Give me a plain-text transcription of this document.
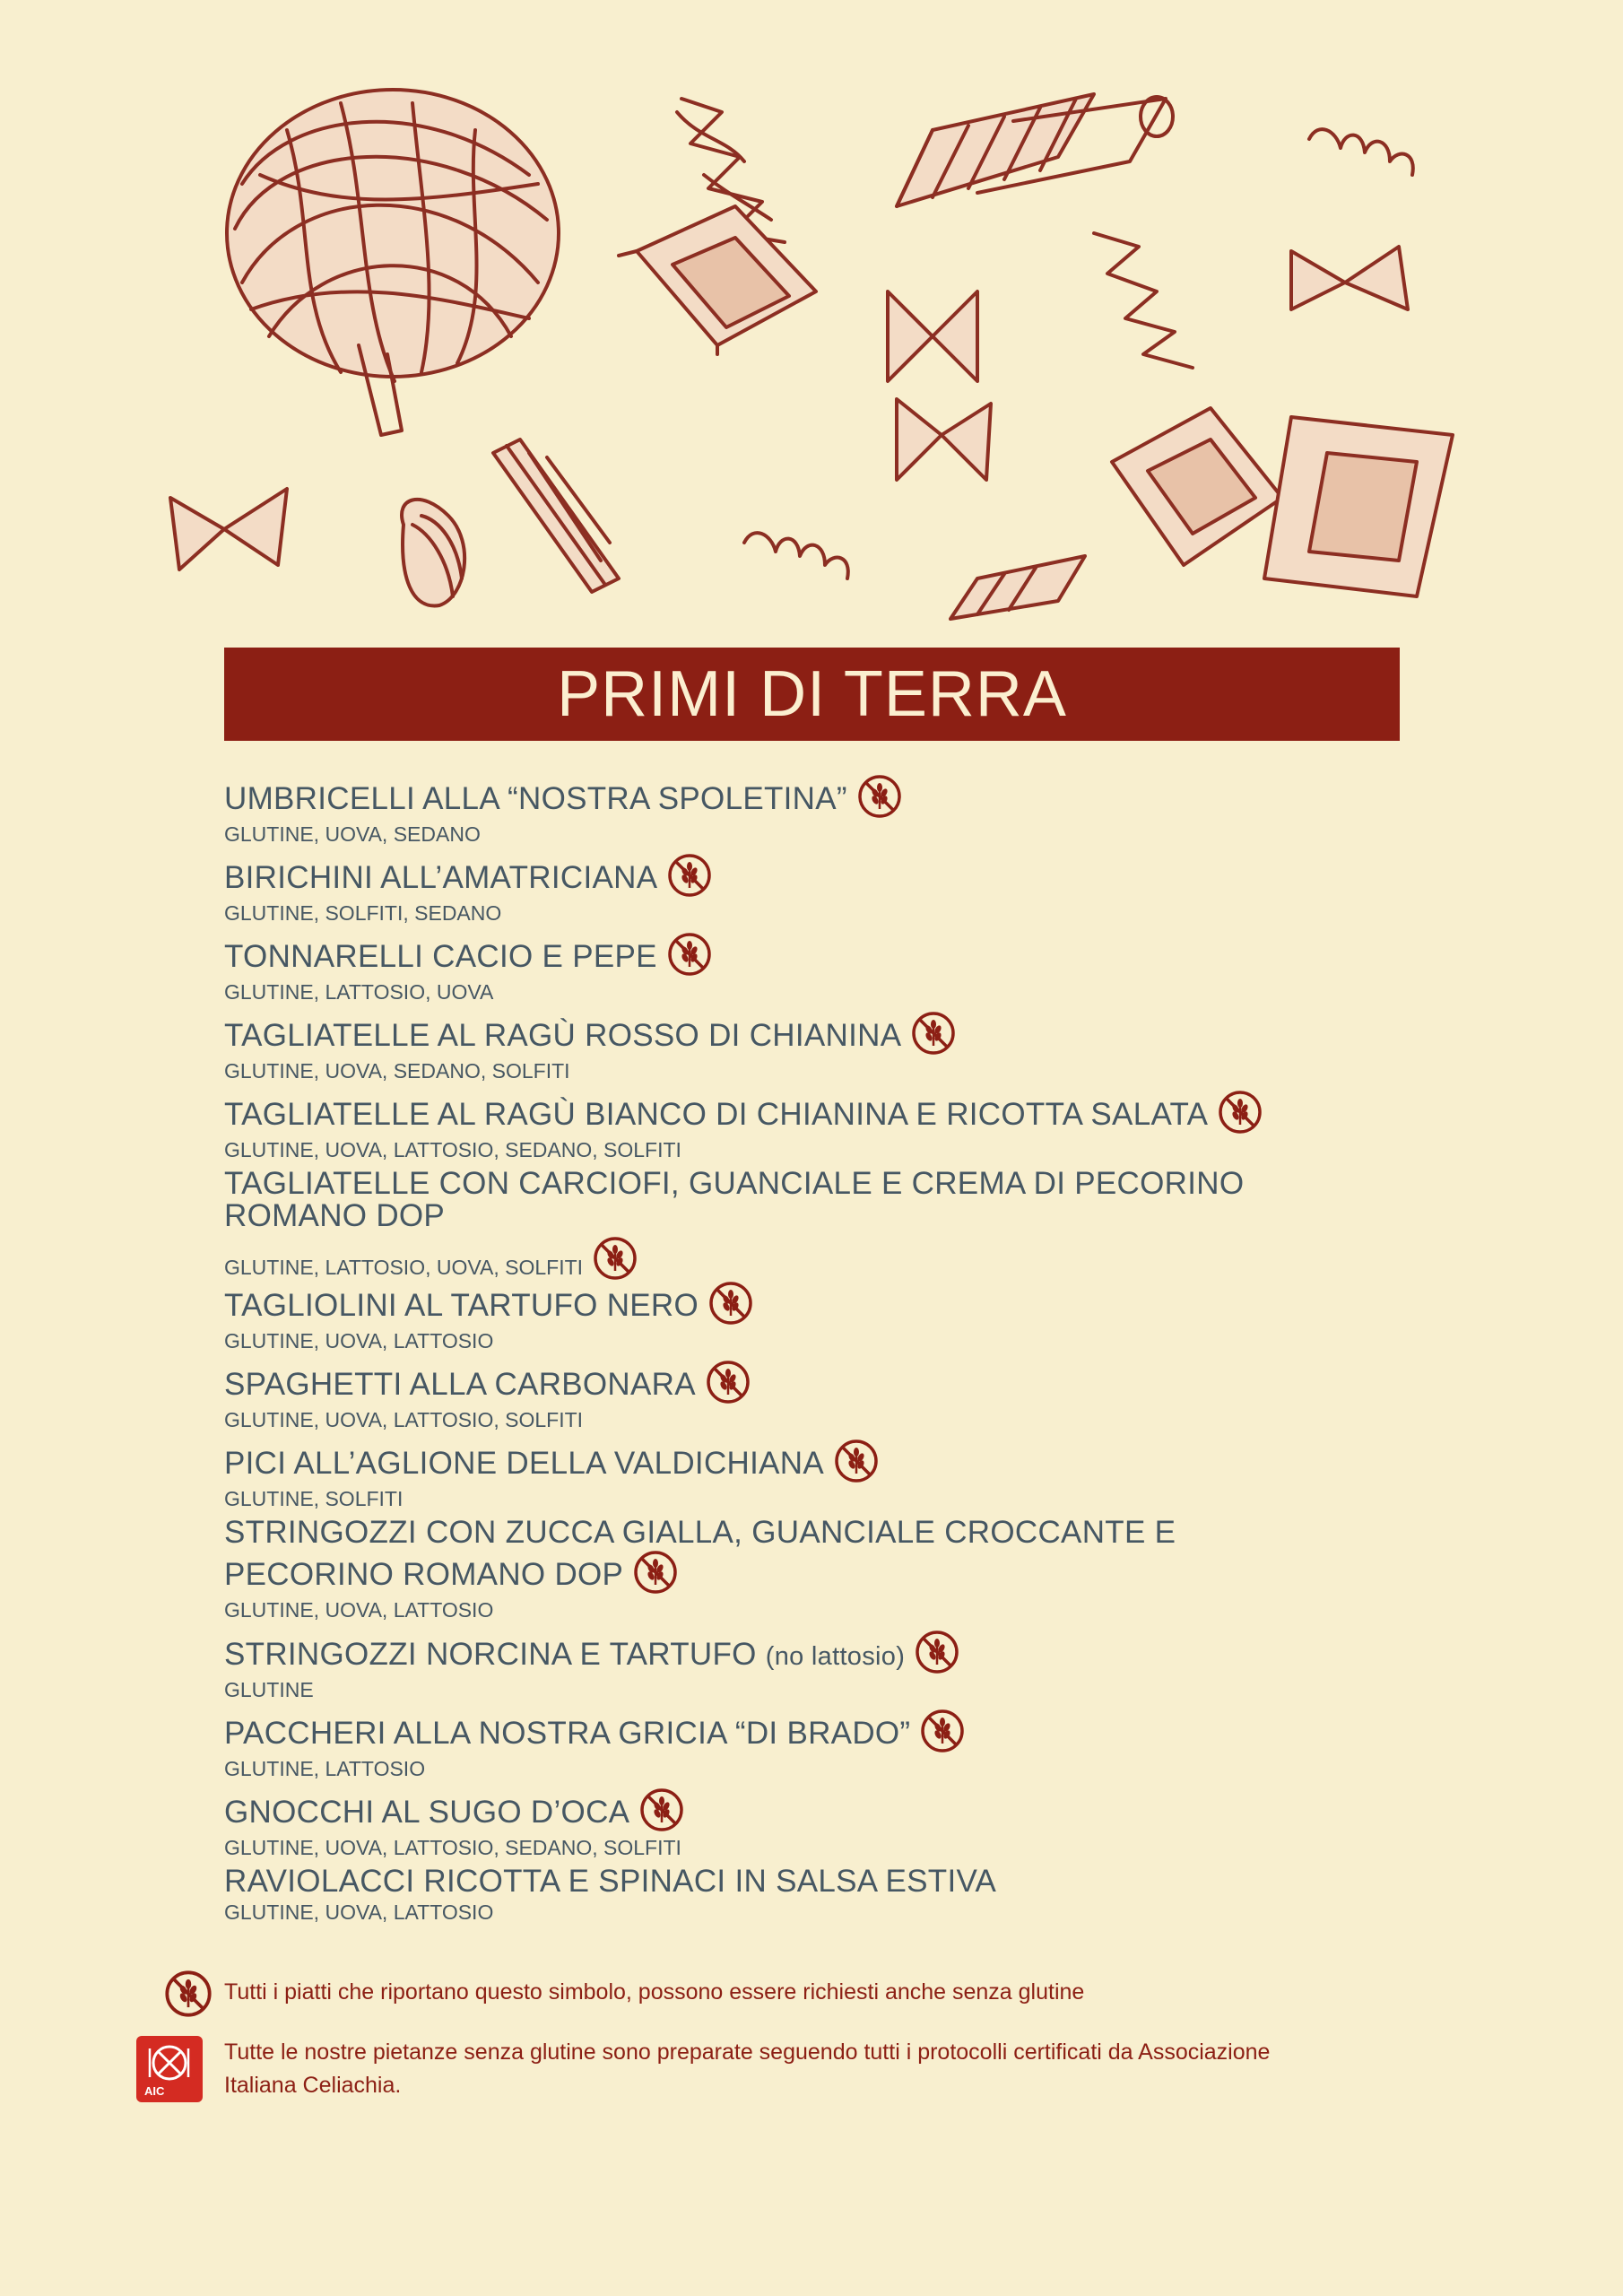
PRIMI DI TERRA
UMBRICELLI ALLA “NOSTRA SPOLETINA”
GLUTINE, UOVA, SEDANO
BIRICHINI ALL’AMATRICIANA
GLUTINE, SOLFITI, SEDANO
TONNARELLI CACIO E PEPE
GLUTINE, LATTOSIO, UOVA
TAGLIATELLE AL RAGÙ ROSSO DI CHIANINA
GLUTINE, UOVA, SEDANO, SOLFITI
TAGLIATELLE AL RAGÙ BIANCO DI CHIANINA E RICOTTA SALATA
GLUTINE, UOVA, LATTOSIO, SEDANO, SOLFITI
TAGLIATELLE CON CARCIOFI, GUANCIALE E CREMA DI PECORINO
ROMANO DOP
GLUTINE, LATTOSIO, UOVA, SOLFITI
TAGLIOLINI AL TARTUFO NERO
GLUTINE, UOVA, LATTOSIO
SPAGHETTI ALLA CARBONARA
GLUTINE, UOVA, LATTOSIO, SOLFITI
PICI ALL’AGLIONE DELLA VALDICHIANA
GLUTINE, SOLFITI
STRINGOZZI CON ZUCCA GIALLA, GUANCIALE CROCCANTE E
PECORINO ROMANO DOP
GLUTINE, UOVA, LATTOSIO
STRINGOZZI NORCINA E TARTUFO (no lattosio)
GLUTINE
PACCHERI ALLA NOSTRA GRICIA “DI BRADO”
GLUTINE, LATTOSIO
GNOCCHI AL SUGO D’OCA
GLUTINE, UOVA, LATTOSIO, SEDANO, SOLFITI
RAVIOLACCI RICOTTA E SPINACI IN SALSA ESTIVA
GLUTINE, UOVA, LATTOSIO
Tutti i piatti che riportano questo simbolo, possono essere richiesti anche senza glutine
AIC
Tutte le nostre pietanze senza glutine sono preparate seguendo tutti i protocolli certificati da Associazione Italiana Celiachia.
